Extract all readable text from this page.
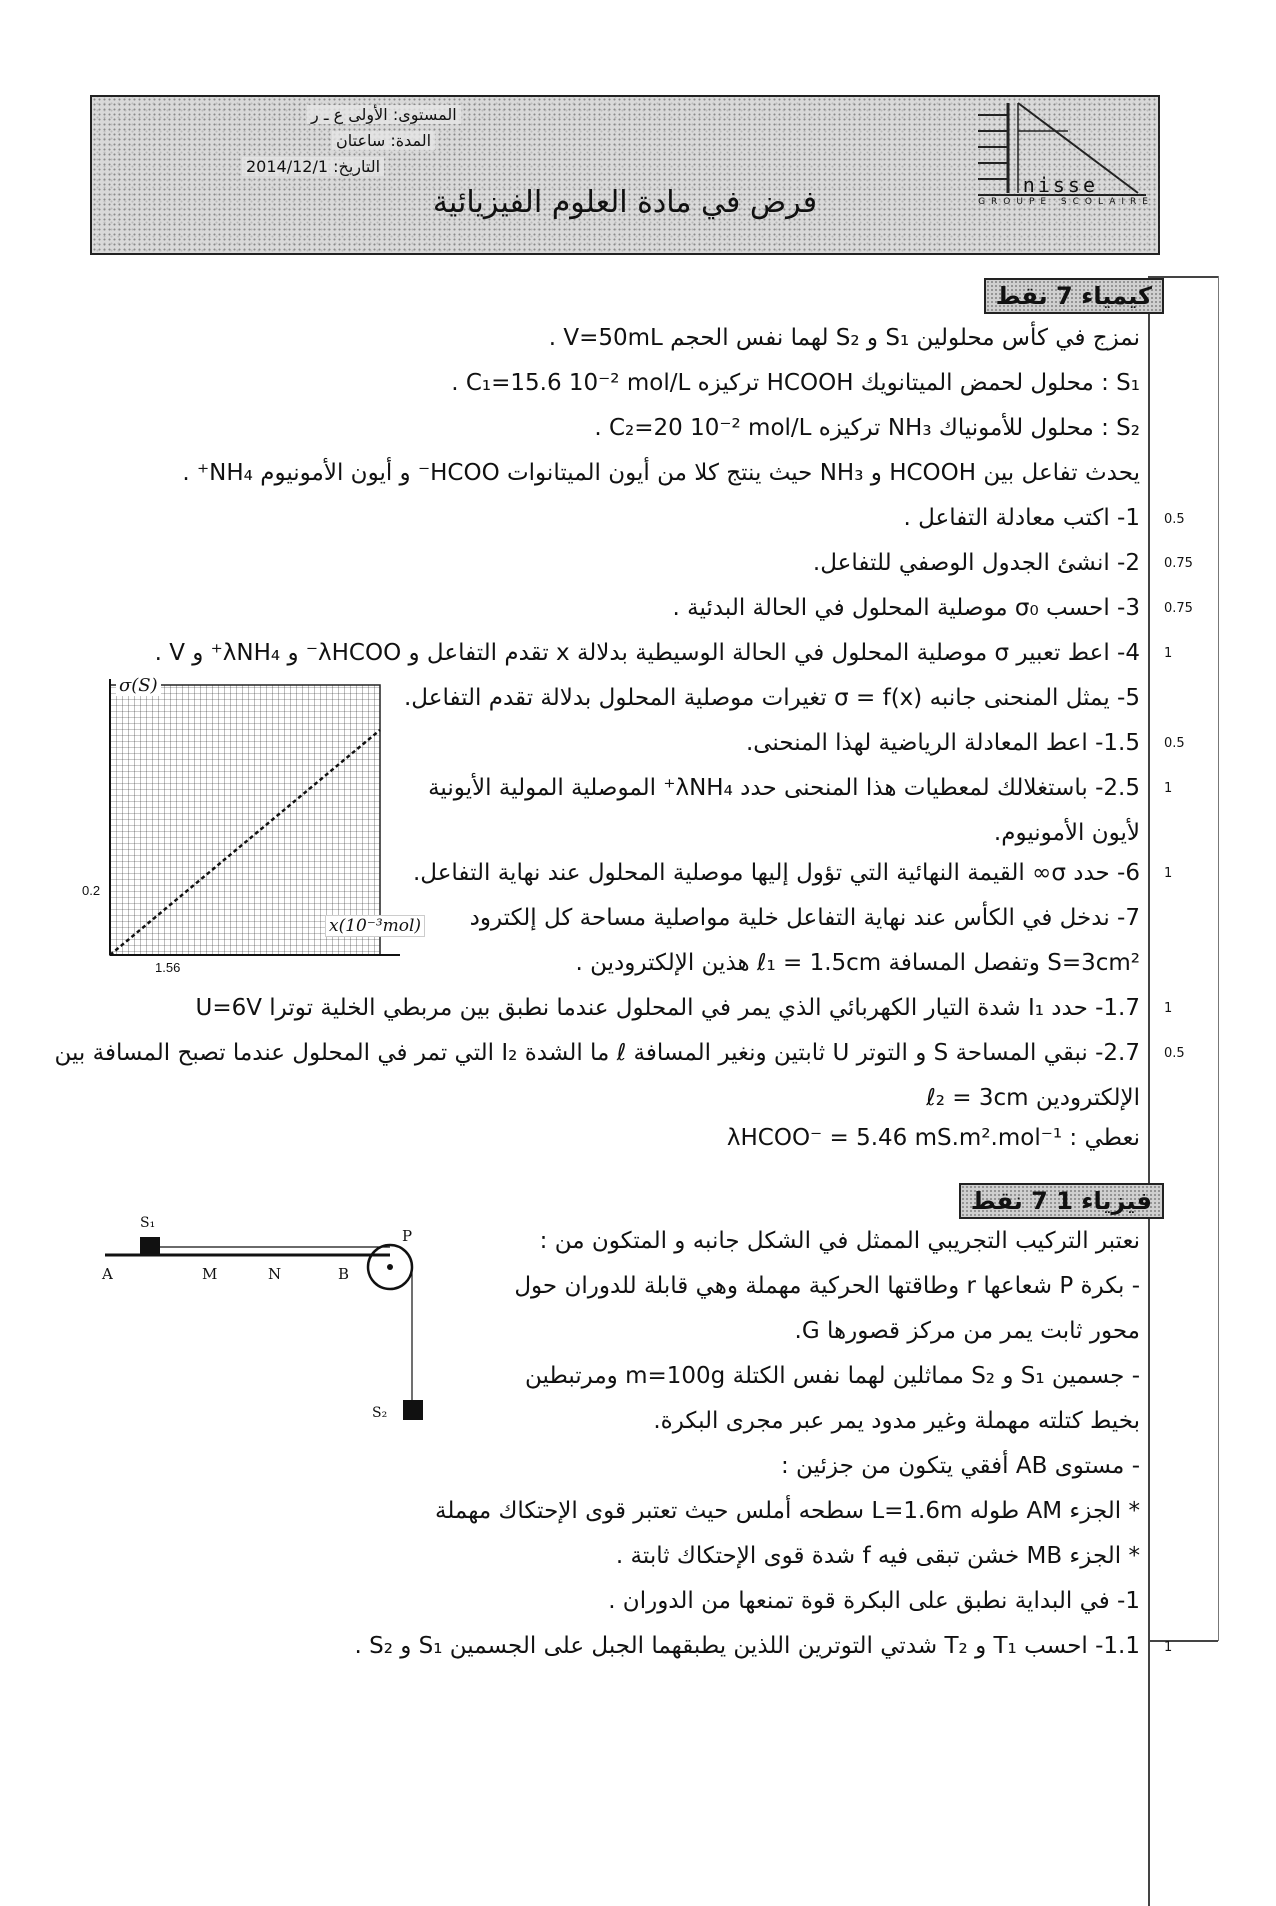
المستوى: الأولى ع ـ ر
المدة: ساعتان
التاريخ: 2014/12/1
فرض في مادة العلوم الفيزيائية	nisse
GROUPE SCOLAIRE
كيمياء 7 نقط
نمزج في كأس محلولين S₁ و S₂ لهما نفس الحجم V=50mL .
S₁ : محلول لحمض الميتانويك HCOOH تركيزه C₁=15.6 10⁻² mol/L .
S₂ : محلول للأمونياك NH₃ تركيزه C₂=20 10⁻² mol/L .
يحدث تفاعل بين HCOOH و NH₃ حيث ينتج كلا من أيون الميتانوات HCOO⁻ و أيون الأمونيوم NH₄⁺ .
1- اكتب معادلة التفاعل .
2- انشئ الجدول الوصفي للتفاعل.
3- احسب σ₀ موصلية المحلول في الحالة البدئية .
4- اعط تعبير σ موصلية المحلول في الحالة الوسيطية بدلالة x تقدم التفاعل و λHCOO⁻ و λNH₄⁺ و V .
5- يمثل المنحنى جانبه σ = f(x) تغيرات موصلية المحلول بدلالة تقدم التفاعل.
1.5- اعط المعادلة الرياضية لهذا المنحنى.
2.5- باستغلالك لمعطيات هذا المنحنى حدد λNH₄⁺ الموصلية المولية الأيونية
لأيون الأمونيوم.
6- حدد σ∞ القيمة النهائية التي تؤول إليها موصلية المحلول عند نهاية التفاعل.
7- ندخل في الكأس عند نهاية التفاعل خلية مواصلية مساحة كل إلكترود
S=3cm² وتفصل المسافة ℓ₁ = 1.5cm هذين الإلكترودين .
1.7- حدد I₁ شدة التيار الكهربائي الذي يمر في المحلول عندما نطبق بين مربطي الخلية توترا U=6V
2.7- نبقي المساحة S و التوتر U ثابتين ونغير المسافة ℓ ما الشدة I₂ التي تمر في المحلول عندما تصبح المسافة بين
الإلكترودين ℓ₂ = 3cm
نعطي : λHCOO⁻ = 5.46 mS.m².mol⁻¹
0.5
0.75
0.75
1
0.5
1
1
1
0.5
0.2
1.56
σ(S)
x(10⁻³mol)
فيزياء 1 7 نقط
نعتبر التركيب التجريبي الممثل في الشكل جانبه و المتكون من :
- بكرة P شعاعها r وطاقتها الحركية مهملة وهي قابلة للدوران حول
محور ثابت يمر من مركز قصورها G.
- جسمين S₁ و S₂ مماثلين لهما نفس الكتلة m=100g ومرتبطين
بخيط كتلته مهملة وغير مدود يمر عبر مجرى البكرة.
- مستوى AB أفقي يتكون من جزئين :
* الجزء AM طوله L=1.6m سطحه أملس حيث تعتبر قوى الإحتكاك مهملة
* الجزء MB خشن تبقى فيه f شدة قوى الإحتكاك ثابتة .
1- في البداية نطبق على البكرة قوة تمنعها من الدوران .
1.1- احسب T₁ و T₂ شدتي التوترين اللذين يطبقهما الجبل على الجسمين S₁ و S₂ . 1
S₁
P
A	M	N	B
S₂
